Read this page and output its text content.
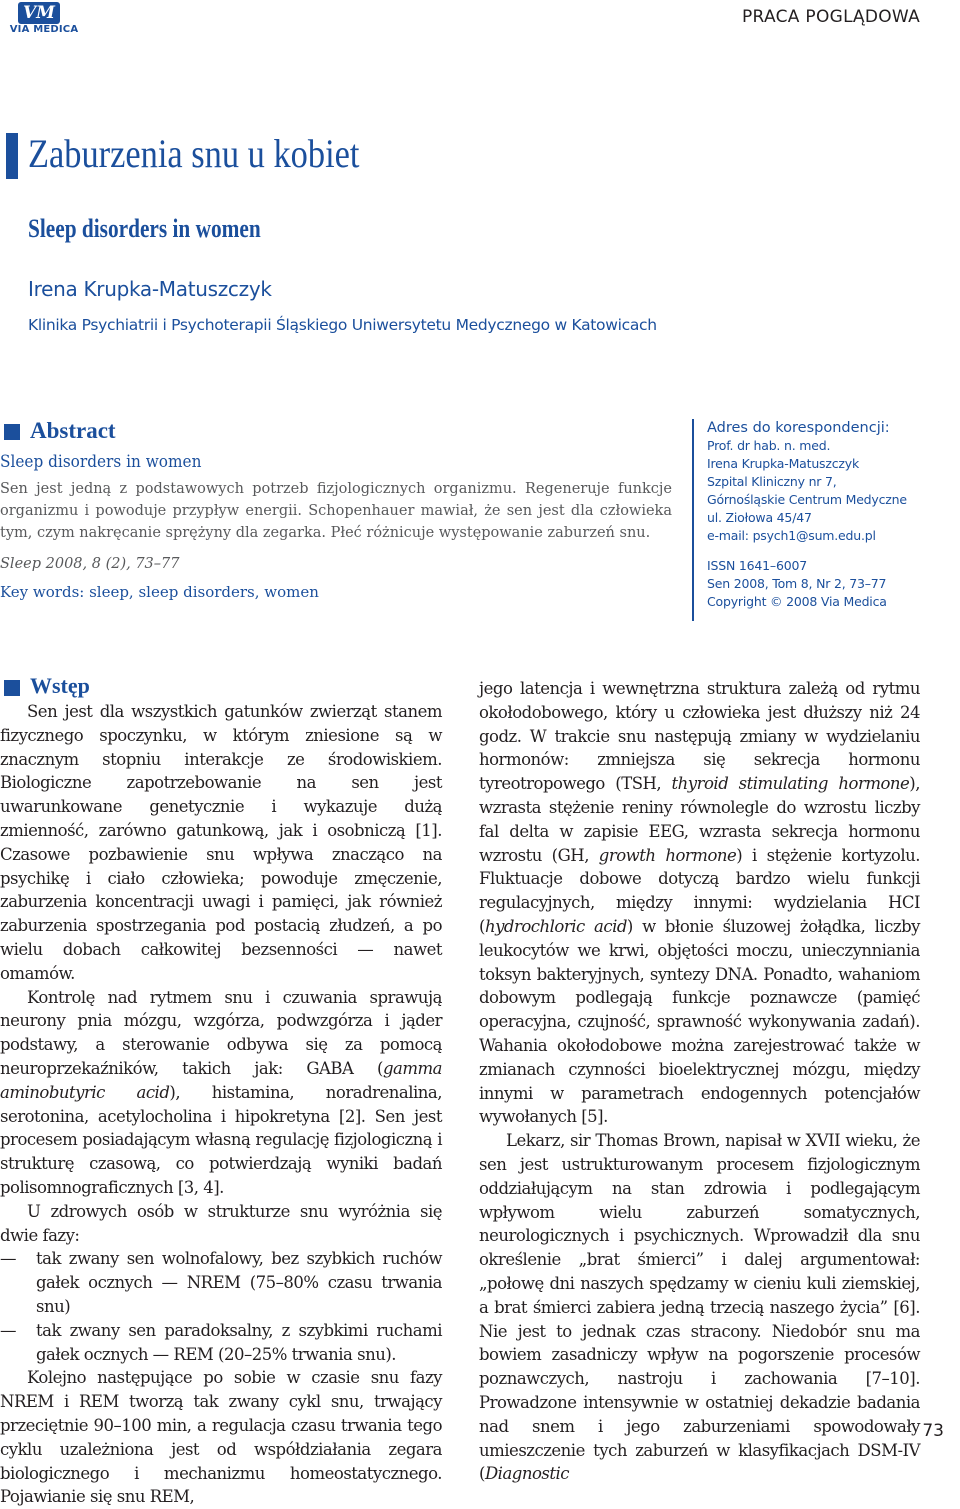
VM
VIA MEDICA
PRACA POGLĄDOWA
Zaburzenia snu u kobiet
Sleep disorders in women
Irena Krupka-Matuszczyk
Klinika Psychiatrii i Psychoterapii Śląskiego Uniwersytetu Medycznego w Katowicach
Abstract
Sleep disorders in women
Sen jest jedną z podstawowych potrzeb fizjologicznych organizmu. Regeneruje funkcje organizmu i powoduje przypływ energii. Schopenhauer mawiał, że sen jest dla człowieka tym, czym nakręcanie sprężyny dla zegarka. Płeć różnicuje występowanie zaburzeń snu.
Sleep 2008, 8 (2), 73–77
Key words: sleep, sleep disorders, women

Adres do korespondencji:

Prof. dr hab. n. med.

Irena Krupka-Matuszczyk

Szpital Kliniczny nr 7,

Górnośląskie Centrum Medyczne

ul. Ziołowa 45/47

e-mail: psych1@sum.edu.pl

ISSN 1641–6007

Sen 2008, Tom 8, Nr 2, 73–77

Copyright © 2008 Via Medica

Wstęp

Sen jest dla wszystkich gatunków zwierząt stanem fizycznego spoczynku, w którym zniesione są w znacznym stopniu interakcje ze środowiskiem. Biologiczne zapotrzebowanie na sen jest uwarunkowane genetycznie i wykazuje dużą zmienność, zarówno gatunkową, jak i osobniczą [1]. Czasowe pozbawienie snu wpływa znacząco na psychikę i ciało człowieka; powoduje zmęczenie, zaburzenia koncentracji uwagi i pamięci, jak również zaburzenia spostrzegania pod postacią złudzeń, a po wielu dobach całkowitej bezsenności — nawet omamów.

Kontrolę nad rytmem snu i czuwania sprawują neurony pnia mózgu, wzgórza, podwzgórza i jąder podstawy, a sterowanie odbywa się za pomocą neuroprzekaźników, takich jak: GABA (gamma aminobutyric acid), histamina, noradrenalina, serotonina, acetylocholina i hipokretyna [2]. Sen jest procesem posiadającym własną regulację fizjologiczną i strukturę czasową, co potwierdzają wyniki badań polisomnograficznych [3, 4].

U zdrowych osób w strukturze snu wyróżnia się dwie fazy:

— tak zwany sen wolnofalowy, bez szybkich ruchów gałek ocznych — NREM (75–80% czasu trwania snu)

— tak zwany sen paradoksalny, z szybkimi ruchami gałek ocznych — REM (20–25% trwania snu).

Kolejno następujące po sobie w czasie snu fazy NREM i REM tworzą tak zwany cykl snu, trwający przeciętnie 90–100 min, a regulacja czasu trwania tego cyklu uzależniona jest od współdziałania zegara biologicznego i mechanizmu homeostatycznego. Pojawianie się snu REM,

jego latencja i wewnętrzna struktura zależą od rytmu okołodobowego, który u człowieka jest dłuższy niż 24 godz. W trakcie snu następują zmiany w wydzielaniu hormonów: zmniejsza się sekrecja hormonu tyreotropowego (TSH, thyroid stimulating hormone), wzrasta stężenie reniny równolegle do wzrostu liczby fal delta w zapisie EEG, wzrasta sekrecja hormonu wzrostu (GH, growth hormone) i stężenie kortyzolu. Fluktuacje dobowe dotyczą bardzo wielu funkcji regulacyjnych, między innymi: wydzielania HCI (hydrochloric acid) w błonie śluzowej żołądka, liczby leukocytów we krwi, objętości moczu, unieczynniania toksyn bakteryjnych, syntezy DNA. Ponadto, wahaniom dobowym podlegają funkcje poznawcze (pamięć operacyjna, czujność, sprawność wykonywania zadań). Wahania okołodobowe można zarejestrować także w zmianach czynności bioelektrycznej mózgu, między innymi w parametrach endogennych potencjałów wywołanych [5].

Lekarz, sir Thomas Brown, napisał w XVII wieku, że sen jest ustrukturowanym procesem fizjologicznym oddziałującym na stan zdrowia i podlegającym wpływom wielu zaburzeń somatycznych, neurologicznych i psychicznych. Wprowadził dla snu określenie „brat śmierci” i dalej argumentował: „połowę dni naszych spędzamy w cieniu kuli ziemskiej, a brat śmierci zabiera jedną trzecią naszego życia” [6]. Nie jest to jednak czas stracony. Niedobór snu ma bowiem zasadniczy wpływ na pogorszenie procesów poznawczych, nastroju i zachowania [7–10]. Prowadzone intensywnie w ostatniej dekadzie badania nad snem i jego zaburzeniami spowodowały umieszczenie tych zaburzeń w klasyfikacjach DSM-IV (Diagnostic

73
